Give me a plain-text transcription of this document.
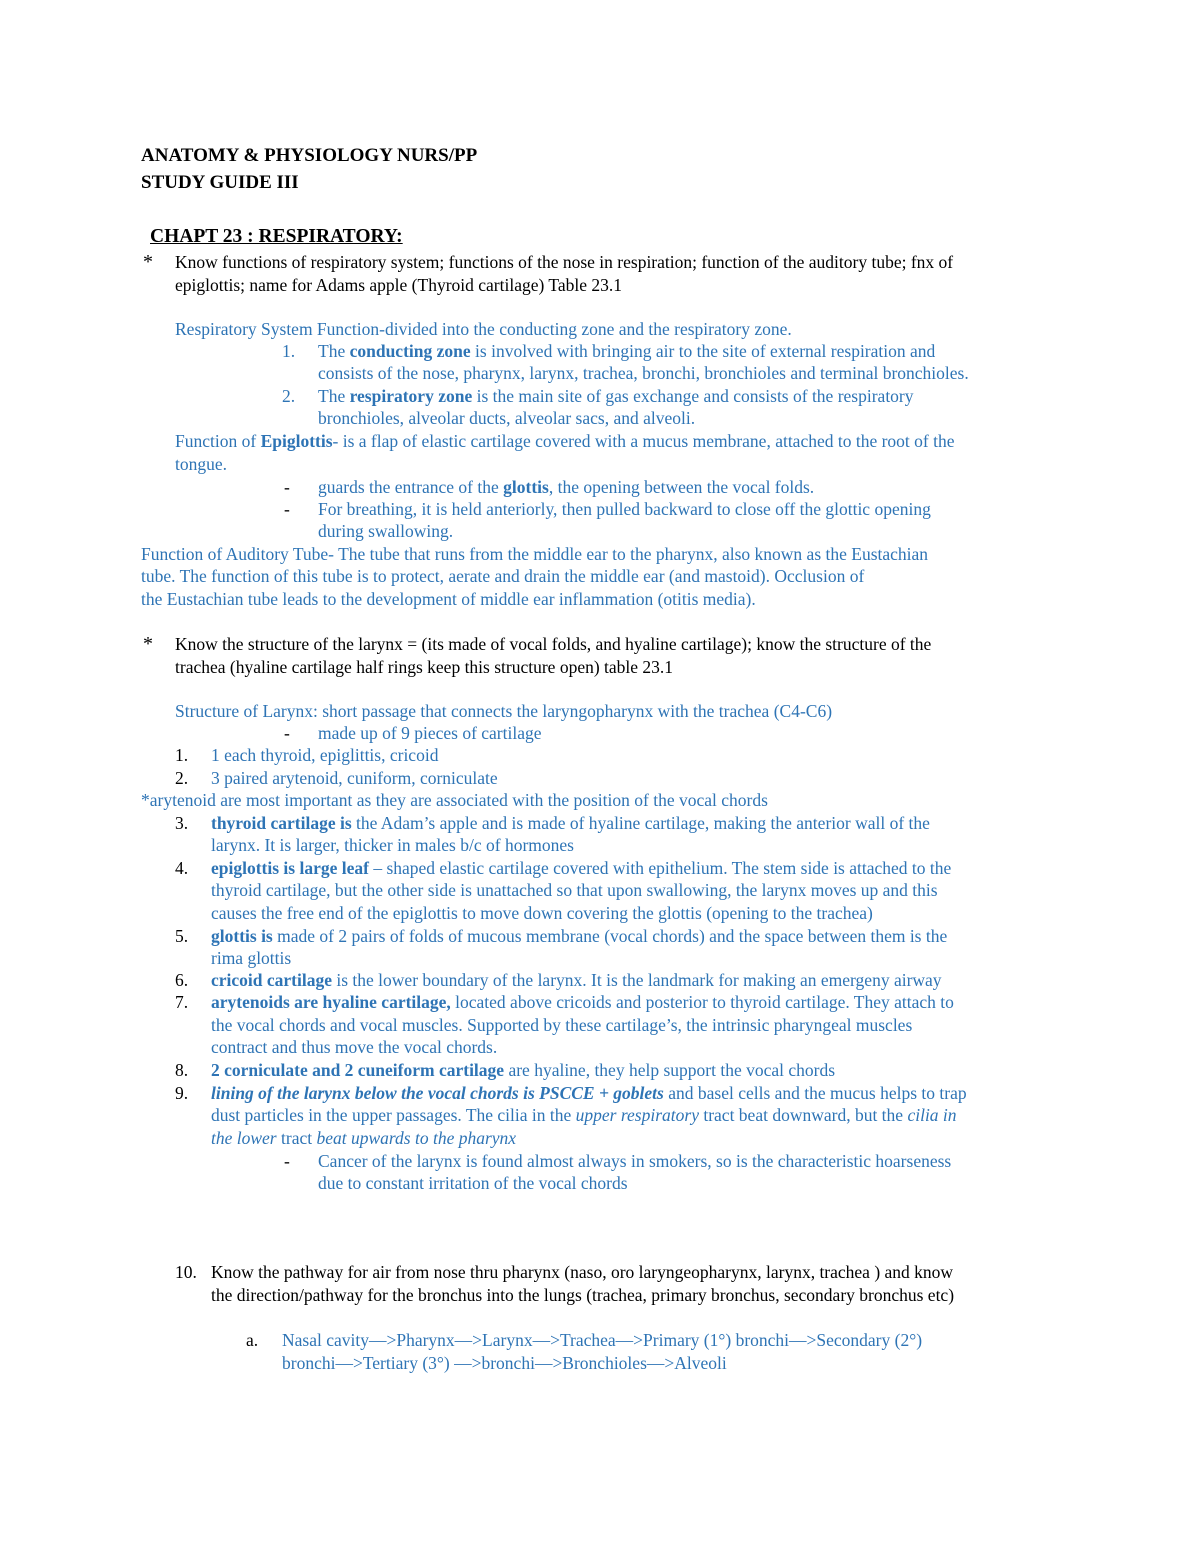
ANATOMY & PHYSIOLOGY NURS/PP
STUDY GUIDE III
CHAPT 23 : RESPIRATORY:
* Know functions of respiratory system; functions of the nose in respiration; function of the auditory tube; fnx of
epiglottis; name for Adams apple (Thyroid cartilage) Table 23.1
Respiratory System Function-divided into the conducting zone and the respiratory zone.
1. The conducting zone is involved with bringing air to the site of external respiration and
consists of the nose, pharynx, larynx, trachea, bronchi, bronchioles and terminal bronchioles.
2. The respiratory zone is the main site of gas exchange and consists of the respiratory
bronchioles, alveolar ducts, alveolar sacs, and alveoli.
Function of Epiglottis- is a flap of elastic cartilage covered with a mucus membrane, attached to the root of the
tongue.
- guards the entrance of the glottis, the opening between the vocal folds.
- For breathing, it is held anteriorly, then pulled backward to close off the glottic opening
during swallowing.
Function of Auditory Tube- The tube that runs from the middle ear to the pharynx, also known as the Eustachian
tube. The function of this tube is to protect, aerate and drain the middle ear (and mastoid). Occlusion of
the Eustachian tube leads to the development of middle ear inflammation (otitis media).
* Know the structure of the larynx = (its made of vocal folds, and hyaline cartilage); know the structure of the
trachea (hyaline cartilage half rings keep this structure open) table 23.1
Structure of Larynx: short passage that connects the laryngopharynx with the trachea (C4-C6)
- made up of 9 pieces of cartilage
1. 1 each thyroid, epiglittis, cricoid
2. 3 paired arytenoid, cuniform, corniculate
*arytenoid are most important as they are associated with the position of the vocal chords
3. thyroid cartilage is the Adam’s apple and is made of hyaline cartilage, making the anterior wall of the
larynx. It is larger, thicker in males b/c of hormones
4. epiglottis is large leaf – shaped elastic cartilage covered with epithelium. The stem side is attached to the
thyroid cartilage, but the other side is unattached so that upon swallowing, the larynx moves up and this
causes the free end of the epiglottis to move down covering the glottis (opening to the trachea)
5. glottis is made of 2 pairs of folds of mucous membrane (vocal chords) and the space between them is the
rima glottis
6. cricoid cartilage is the lower boundary of the larynx. It is the landmark for making an emergeny airway
7. arytenoids are hyaline cartilage, located above cricoids and posterior to thyroid cartilage. They attach to
the vocal chords and vocal muscles. Supported by these cartilage’s, the intrinsic pharyngeal muscles
contract and thus move the vocal chords.
8. 2 corniculate and 2 cuneiform cartilage are hyaline, they help support the vocal chords
9. lining of the larynx below the vocal chords is PSCCE + goblets and basel cells and the mucus helps to trap
dust particles in the upper passages. The cilia in the upper respiratory tract beat downward, but the cilia in
the lower tract beat upwards to the pharynx
- Cancer of the larynx is found almost always in smokers, so is the characteristic hoarseness
due to constant irritation of the vocal chords
10. Know the pathway for air from nose thru pharynx (naso, oro laryngeopharynx, larynx, trachea ) and know
the direction/pathway for the bronchus into the lungs (trachea, primary bronchus, secondary bronchus etc)
a. Nasal cavity—>Pharynx—>Larynx—>Trachea—>Primary (1°) bronchi—>Secondary (2°)
bronchi—>Tertiary (3°) —>bronchi—>Bronchioles—>Alveoli
